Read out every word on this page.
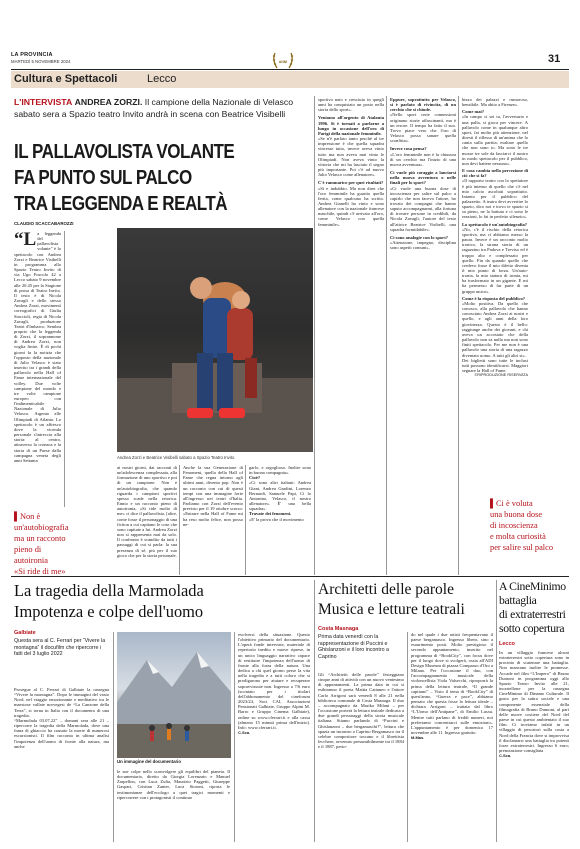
LA PROVINCIA
MARTEDÌ 5 NOVEMBRE 2024	ANNI	31
Cultura e Spettacoli	Lecco
L'INTERVISTA ANDREA ZORZI. Il campione della Nazionale di Velasco sabato sera a Spazio teatro Invito andrà in scena con Beatrice Visibelli
IL PALLAVOLISTA VOLANTE
FA PUNTO SUL PALCO
TRA LEGGENDA E REALTÀ
CLAUDIO SCACCABAROZZI
“L a leggenda del pallavolista volante” è lo spettacolo con Andrea Zorzi e Beatrice Visibelli in programma allo Spazio Teatro Invito di via Ugo Foscolo 42 a Lecco sabato 9 novembre alle 20.45 per la Stagione di prosa di Teatro Invito. Il testo è di Nicola Zavagli e dello stesso Andrea Zorzi, movimenti coreografici di Giulia Staccioli, regia di Nicola Zavagli, produzione Teatri d'Imbarco. Sembra proprio che la leggenda di Zorzi, il soprannome di Andrea Zorzi, non voglia finire. È di pochi giorni fa la notizia che l'opposto della nazionale di Julio Velasco è stato inserito tra i grandi della pallavolo nella Hall of Fame internazionale del volley. Due volte campione del mondo e tre volte campione europeo con l'indimenticabile Nazionale di Julio Velasco. Argento alle Olimpiadi di Atlanta. Lo spettacolo è un affresco dove la vicenda personale s'intreccia alla storia: al centro, attraverso la cronaca e la storia di un Paese dalla campagna veneta degli anni Settanta
▌Non è
un'autobiografia
ma un racconto
pieno di autoironia
«Si ride di me»
Andrea Zorzi e Beatrice Visibelli sabato a Spazio Teatro Invito
ai nostri giorni, dai racconti di un'adolescenza complessata, alla formazione di uno sportivo e poi di un campione. Non è un'autobiografia, che quando riguarda i campioni sportivi spesso scade nella retorica. Ennio e un racconto pieno di autoironia, «Si ride molto di me» ci dice il pallavolista, [altre, come fosse il personaggio di una fiction a cui capitano le cose che sono capitate a lui. Andrea Zorzi non si rappresenta mai da solo. Il confronto è scandito da tutti i passaggi di cui si parla: la sua presenza di sé, più per il suo gioco che per la storia personale.
Anche la sua Generazione di Fenomeni, quella della Hall of Fame che regna intorno agli ultimi anni, diventa pop. Non è un racconto con cui di questi tempi con una immagine forte all'ingresso nei teatri d'Italia. Parliamo con Zorzi dell'evento previsto per il 19 ottobre scorso: «Entrare nella Hall of Fame mi ha reso molto felice, non posso ne-
garlo, e orgoglioso. Inoltre sono in buona compagnia».

Cioè?

«Ci sono altri italiani: Andrea Giani, Andrea Gardini, Lorenzo Bernardi, Samuele Papi, Ci lo Antonino, Velasco, il nostro allenatore». È' una bella squadra».

Travate dei fenomeni.

«E' la prova che il movimento

sportivo nato e cresciuto in quegli anni ha conquistato un posto nella storia dello sport».

Veniamo all'argento di Atalanta 1996. Si è tornati a parlarne a lungo in occasione dell'oro di Parigi della nazionale femminile.

«Se n'è parlato tanto perché al tre impressione è che quella squadra vincesse tutto, invece aveva vinto tutto ma non aveva mai vinto le Olimpiadi. Non aveva vinto la vittoria che mi ha lasciato il segno più importante. Poi c'è ad nuovo Julio Velasco come allenatore».

C'è rammarico per quei risultati?

«Sì e indubbio. Ma non direi che l'oro femminile ha guarito quella ferita, come qualcuno ha scritto. Andrea Gianelli ha vinto e sono allenatore con la nazionale francese maschile, quindi c'è arrivato all'oro, come Velasco con quella femminile».

Eppure, soprattutto per Velasco, si è parlato di rivincita, di un cerchio che si chiude.

«Nello sport certe connessioni originano storie affascinanti, ma è un errore. Il tempo ha fatto il suo. Trovo piace vero che l'oro di Velasco possa sanare quella sconfitta».

Invece cosa pensa?

«L'oro femminile non è la chiusura di un cerchio ma l'inizio di una nuova avventura».

Ci vuole più coraggio a lanciarsi nella nuova avventura o nelle finali per lo sport?

«Ci vuole una buona dose di incoscienza per salire sul palco a capirlo che non facevo l'attore, ho trovato dei compagni che hanno saputo accompagnarmi, alla fortuna di trovare persone in credibili, da Nicola Zavagli, l'autore del testo all'attrice Beatrice Visibelli, una squadra formidabile».

Ci sono analogie con lo sport?

«Attenzione, impegno, disciplina sono aspetti comuni».

bizzo dei palazzi e rumoroso, bensibile. Ma abito a Firenze».

Come mai?

«In campo ci sei tu, l'avversario e una palla, si gioca per vincere. A pallavolo come in qualunque altro sport, fai molto più attenzione, nel diresti il riflesso di un'anima che lo canta sulla partita, esaltare quello che non sono io. Ma sono le tre mosse tre sole da lasciarci il nostro in modo spettacolo per il pubblico, non devi battere nessuno».

E cosa cambia nella percezione di ciò che si fa?

«Il rapporto teatro con lo spettatore è più intenso di quello che c'è nel mio calcio ascoltati soprattutto. Intanto per il pubblico del palazzetto. A teatro devi avvertire lo spazio, dico noi e trovo te spazio si sa pieno, ne la battuta e ci sono le reazioni, lo fai in perfetto silenzio».

Lo spettacolo è un'autobiografia?

«No, c'è il rischio della retorica sportiva, ma ci abbiamo messo la paura. Invece è un racconto molto ironico, la strana storia di un ragazzino tra Padova e Treviso ed è troppo alto e complessato per quello. Fin da quando quello che credevo fosse il mio difetto diventa il mio punto di forza. Un'auto-ironia, la mia statura di ironia, mi ha trasformato in un gigante. E mi ha permesso di far parte di un gruppo unico».

Come è la risposta del pubblico?

«Molto positiva. Da quello che conosco, alla pallavolo che hanno conosciuto Andrea Zorzi ai nostri e quello, e agli anni della loro giovinezza. Questo è il bello: raggiunge anche dei giovani, e chi aveva un accostato che della pallavolo non sa nulla ma non sono finiti spettacolo. Per me non è una pallavolo una storia di una ragazzo diventato uomo. A tutti gli altri si».

Dei biglietti sono tutte le inclusi tutti possono identificarsi. Maggiori segnare la Hall of Fame.

©RIPRODUZIONE RISERVATA

▌Ci è voluta
una buona dose
di incoscienza
e molta curiosità
per salire sul palco
La tragedia della Marmolada
Impotenza e colpe dell'uomo
Galbiate
Questa sera al C. Ferrari per “Vivere la montagna” il docufilm che ripercorre i fatti del 3 luglio 2022

Prosegue al C. Ferrari di Galbiate la rassegna “Vivere la montagna”. Dopo le immagini del vasto Nord, nel viaggio emozionante e meditativo tra le maestose vallate norvegesi de “La Canzone della Terra”, si torna in Italia con il documento di una tragedia.

“Marmolada 03.07.22” – domani sera alle 21 – ripercorre la tragedia della Marmolada, dove una frana di ghiaccio ha causato la morte di numerosi escursionisti. Il film racconta in ultima analisi l'impotenza dell'uomo di fronte alla natura, ma anche

Un immagine del documentario
le sue colpe nello sconvolgere gli equilibri del pianeta. Il documentario, diretto da Giorgia Lorenzato e Manuel Zarpellon, con Luca Zulia, Maurizio Paggetti, Giuseppe Gaspari, Cristian Zanier, Luca Storoni, riporta le testimonianze dell'ecologo a quei tragici momenti e ripercorrere con i protagonisti il continuo

evolversi della situazione. Questo l'obiettivo primario del documentario. L'operà fonde interviste, materiale di repertorio inedito e nuove riprese, in un unico linguaggio narrativo capace di restituire l'impotenza dell'uomo di fronte alla forza della natura. Una dedica a chi quel giorno perse la vita nella tragedia e a tutti coloro che si prodigarono per aiutare e recuperare sopravvissute non. Ingresso a 7/6 euro (scontato per i titolari dell'abbonamento del cineforum 2023/24, Soci CAI, Associazioni Pensionati Galbiate, Gruppo Alpini M. Barro e Gruppo Cinema Galbiate), online su www.cferrari.it e alla cassa (almeno 15 minuti prima dell'inizio). Info: www.cferrari.it.

C.Sca.

Architetti delle parole
Musica e letture teatrali
Costa Masnaga
Prima data venerdì con la rappresentazione di Puccini e Ghislanzoni e il loro incontro a Caprino
Gli “Architetti delle parole” festeggiano cinque anni di attività con un nuovo ventesimo di appuntamenti. La prima data in cui si esibiranno il poeta Mattia Cattaneo e l'attore Carlo Arrigoni sarà venerdì 8 alle 21 nella biblioteca comunale di Costa Masnaga. Il duo – accompagnato da Marika Milani – per l'occasione porterà la lettura teatrale dedicata a due grandi personaggi della storia musicale italiana. Stiamo parlando di “Puccini e Ghislanzoni – due bergamaschi?”, lettura che spazia un incontro a Caprino Bergamasco tra il celebre compositore toscano e il librettista lecchese, avvenuto presumibilmente tra il 1884 e il 1887, perio-

do nel quale i due artisti frequentavano il paese bergamasco. Ingresso libero, sino a esaurimento posti. Molto prestigioso il secondo appuntamento, inserito nel programma di “BookCity”, con focus dove per il luogo dove si svolgerà, ossia all'ADI Design Museum di piazza Compasso d'Oro a Milano. Per l'occasione il duo, con l'accompagnamento musicale della violoncellista Viola Valsecchi, riproporrà la prima della lettura teatrale, “Il grande capitano” – Visto il tema di “BookCity” di quest'anno, “Guerra e pace”, abbiamo pensato che questa fosse la lettura ideale – dichiara Arrigoni – trattata dal libro “L'Uomo dell'Antipane”, di Emilio Lussu. Mentre tutti parlano di freddi numeri, noi preferiamo concentrarci sulle emozioni». L'appuntamento è per domenica 17 novembre alle 11. Ingresso gratuito.

M.Mas.

A CineMinimo
battaglia
di extraterrestri
sotto copertura
Lecco

In un villaggio francese alcuni extraterrestri sotto copertura sono in procinto di scatenare una battaglia. Non mancano inoltre le promesse. Accade nel film “L'Impero” di Bruno Dumont in programma oggi allo Spazio Teatro Invito alle 21, incartellone per la rassegna CineMinimo di Dinamo Culturale. Il gusto per la satira sociale e una componente essenziale della filmografia di Bruno Dumont, al pari delle nuove costiere del Nord del paese in cui questo ambientato il suo film. Ci troviamo infatti in un villaggio di pescatori sulla costa a Nord della Francia dove si improvvisa il disclamarsi una battaglia tra potenti forze extraterrestri. Ingresso 6 euro; prenotazione consigliata

C.Sca.
